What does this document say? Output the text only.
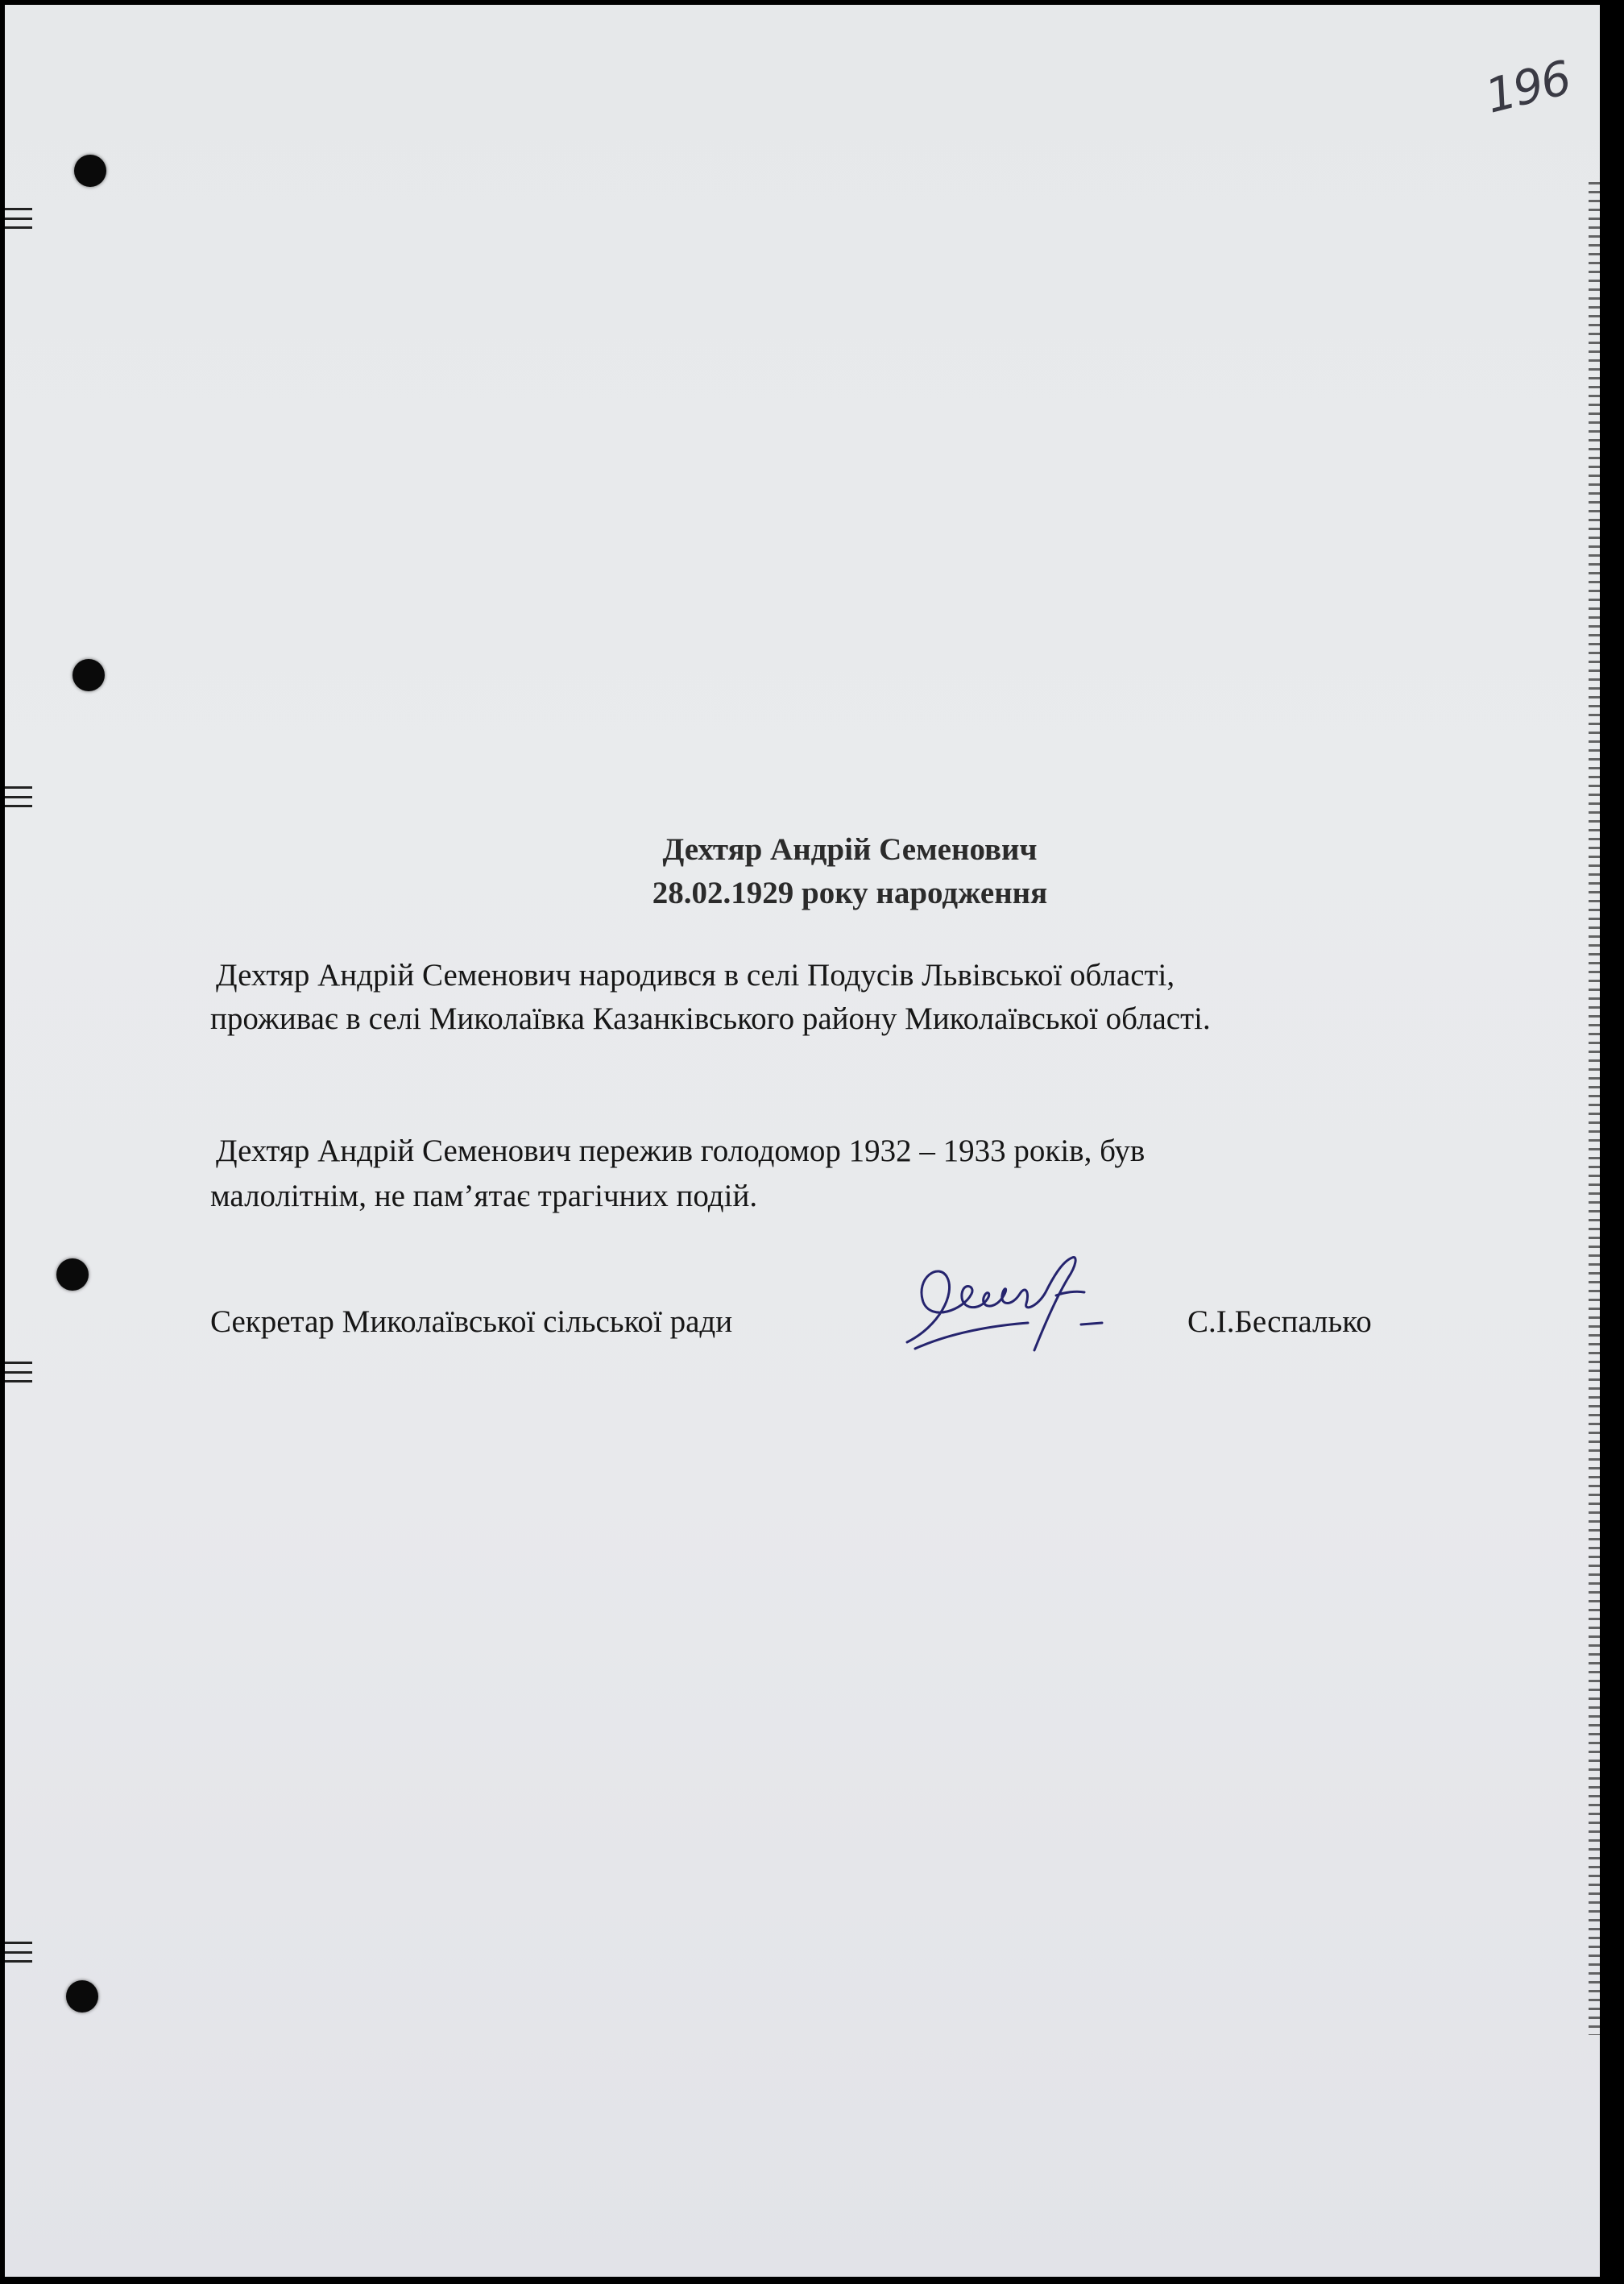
196

Дехтяр Андрій Семенович

28.02.1929 року народження

Дехтяр Андрій Семенович народився в селі Подусів Львівської області,

проживає в селі Миколаївка Казанківського району Миколаївської області.

Дехтяр Андрій Семенович пережив голодомор 1932 – 1933 років, був

малолітнім, не пам’ятає трагічних подій.

Секретар Миколаївської сільської ради	С.І.Беспалько
